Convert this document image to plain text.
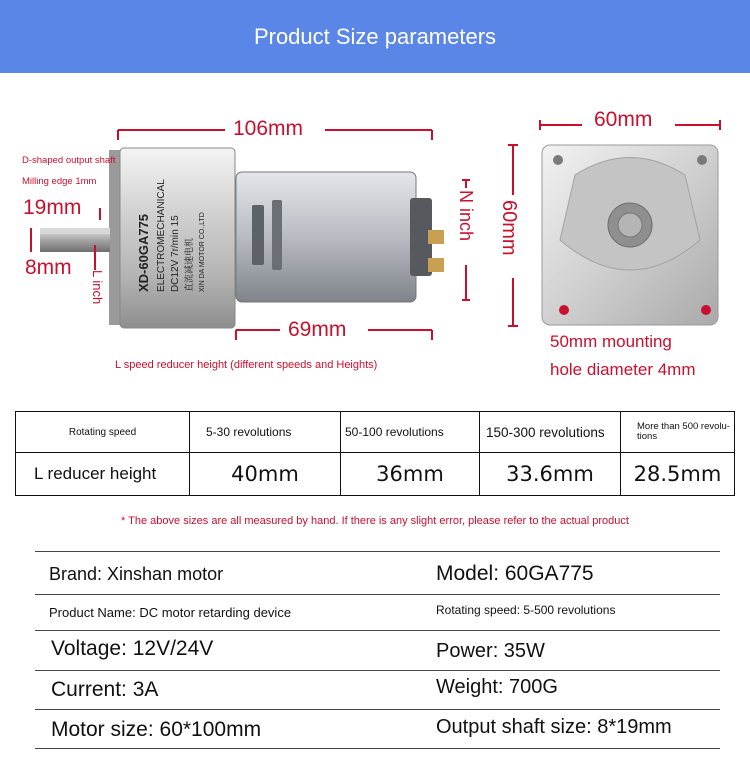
Product Size parameters
XD-60GA775 ELECTROMECHANICAL DC12V 7r/min 15 直流减速电机 XIN DA MOTOR CO.,LTD
106mm
D-shaped output shaft
Milling edge 1mm
19mm
8mm
L inch
N inch
69mm
L speed reducer height (different speeds and Heights)
60mm
60mm
50mm mounting
hole diameter 4mm
Rotating speed	5-30 revolutions	50-100 revolutions	150-300 revolutions	More than 500 revolu-tions
L reducer height	40mm	36mm	33.6mm	28.5mm
* The above sizes are all measured by hand. If there is any slight error, please refer to the actual product
Brand: Xinshan motor	Model: 60GA775
Product Name: DC motor retarding device	Rotating speed: 5-500 revolutions
Voltage: 12V/24V	Power: 35W
Current: 3A	Weight: 700G
Motor size: 60*100mm	Output shaft size: 8*19mm
